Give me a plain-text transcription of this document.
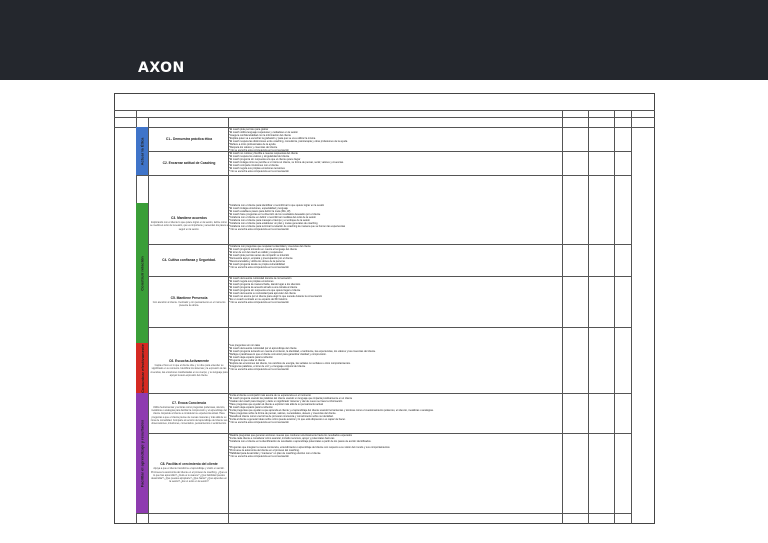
AXON
Actuar la Ética
Construir relación
Comunicar efectivamente
Facilitar el aprendizaje y resultados
C1.- Demuestra práctica ética
*El coach pide permiso para grabar
*El coach utiliza lenguaje respetuoso y cuidadoso en la sesión
*Asegura confidencialidad con la información del cliente
*Explica quien va a escuchar la grabación y para qué se va a utilizar la misma
*El coach respeta las distinciones entre coaching, consultoría, psicoterapia y otras profesiones de la ayuda
*Refiere a otros profesionales de la ayuda
*Respeta los valores y creencias del cliente
* No se escucha esta competencia en la conversación
C2. Encarnar actitud de Coaching
*El coach no curiosa y flexible a nuevas respuestas del cliente
*El coach respeta los valores y singularidad del cliente
*El coach pregunta sin respuesta a la que el cliente quiere llegar
*El coach indaga como se percibe a sí mismo el cliente, su forma de pensar, sentir, valores y creencias.
*El coach comparte intuiciones con el cliente.
*El coach regula sus propias emociones tensiones
* No se escucha esta competencia en la conversación
C3. Mantiene acuerdos
Explorando con el cliente lo que quiere lograr en la sesión, define cómo se medirá el éxito de la sesión, qué es importante y acuerdan los pasos a seguir en la sesión.
*Colabora con el cliente para identificar o reconfirmar lo que quiere lograr en la sesión
*El coach indaga emociones, especialidad y lenguaje
*El coach establece pasos para definir la meta (MA, W)
*El coach hace preguntas en la dirección de los resultados deseados por el cliente
*Colabora con el cliente en definir o reconfirmar medidas del éxito de la sesión
*Colabora con el cliente para manejar el tiempo y el enfoque de la sesión
*Colabora con el cliente para establecer un plan y metas generales de coaching
*Colabora con el cliente para terminar la relación de coaching de manera que se honren las experiencias
* No se escucha esta competencia en la conversación
C4. Cultiva confianza y Seguridad.
*Colabora con preguntas que respetan la identidad y creencias del cliente
*El coach pregunta tomando en cuenta el lenguaje del cliente
*El tono de voz del coach es cálido y respetuoso
*El coach pide permiso antes de compartir su intuición
*Demuestra apoyo, empatía y preocupación por el cliente
*Reconoce/valida y utiliza los dones de la persona
*El coach pregunta desde su propia vulnerabilidad
* No se escucha esta competencia en la conversación
C5. Mantiene Presencia
Con atención al cliente. Centrado y con pensamiento en el momento presente de ahora.
*El coach demuestra curiosidad durante la conversación
*El coach regula sus propias emociones
*El coach pregunta de manera fluida, dando lugar a los silencios
*El coach pregunta de acuerdo al lado a una mirada al cliente
*El coach pregunta sin respuesta a la que quiere llegar el cliente
*El coach demuestra su curiosidad para aprender del cliente
*El coach no asume por el cliente para elegir lo que sucede durante la conversación
*Es un coach centrado en su espacio del Mí Celebro
* No se escucha esta competencia en la conversación
C6. Escucha Activamente
Capta el foco en lo que el cliente dice y no dice para entender su significado en su contexto. Identifica los sistemas y la expresión de las creencias, las emociones manifestadas en su cuerpo, y su lenguaje para apoyar la auto-expresión del cliente.
*Las preguntas son sin taka
*El coach demuestra curiosidad por el aprendizaje del cliente
*El coach pregunta teniendo en cuenta el contexto, la identidad, el ambiente, las experiencias, los valores y las creencias del cliente.
*Refleja o parafrasea lo que el cliente comunicó para garantizar claridad y comprensión.
*El coach deja espacio para la reflexión
*Pregunta lo que evitar el cliente
*Explora las emociones del cliente, los cambios de energía, las señales no verbales u otros comportamientos.
*Integra las palabras, el tono de voz y el lenguaje corporal del cliente
* No se escucha esta competencia en la conversación
C7. Evoca Conciencia
Utiliza herramientas y técnicas como preguntas poderosas, silencio, metáforas o analogías para facilitar la comprensión y el aprendizaje del cliente. Expande al cliente a considerar su experiencia actual. Hace preguntas a que el cliente piense de nuevas maneras y más allá de su zona de comodidad. Comparte al servicio del aprendizaje del cliente sus observaciones, intuiciones, comentarios, pensamientos o sentimientos.
*Invita al cliente a compartir más acerca de su experiencia en el momento
*El coach pregunta usando las palabras del cliente usando un lenguaje que impacta positivamente en el cliente
*Usaban del coach para integrar y darle un significado 'sistema' y dar de nuevo se hace la información
*Hace preguntas que ayudan al cliente a explorar más allá de su pensamiento actual
*El coach deja espacio para la reflexión
*Invita preguntas que ayudan a que aprenda el cliente y el aprendizaje del cliente usando herramientas y técnicas como el cuestionamiento poderoso, el silencio, metáforas o analogías.
*Hace preguntas sobre la forma de pensar, valores, necesidades, deseos y creencias del cliente.
*Desafía al cliente como una forma de provocar conciencia y conocimiento sobre su identidad.
*Invita al cliente a generar ideas sobre cómo puede avanzar y lo que está dispuesto o es capaz de hacer.
* No se escucha esta competencia en la conversación
C8. Facilita el crecimiento del cliente
Apoya a que el cliente transforme el aprendizaje y visión en acción. Promueve la autonomía del cliente en el proceso de coaching. ¿Qué es lo que has aprendido? ¿Cuál es tu avance? ¿Qué habilidad puedes desarrollar? ¿Qué puedes apropiarte? ¿Qué harás? ¿Qué aprendes en la sesión? ¿Es un éxito en la sesión?
*Realiza preguntas que generan acciones nuevas que conducen efectivamente hacia los resultados esperados
*Invita cada cliente a considerar cómo avanzar, incluido recursos, apoyo y potenciales barreras
*Colabora con el cliente en la identificación de resultados o aprendizaje potenciales a partir de los pasos de acción identificados.
*Preguntas que integran la nueva conciencia, entendimiento o aprendizaje del cliente con respecto a su visión del mundo y sus comportamientos
*Promueve la autonomía del cliente en el proceso del coaching.
*Habilidad para desarrollar y 'mantener' un plan de coaching efectivo con el cliente.
* No se escucha esta competencia en la conversación
